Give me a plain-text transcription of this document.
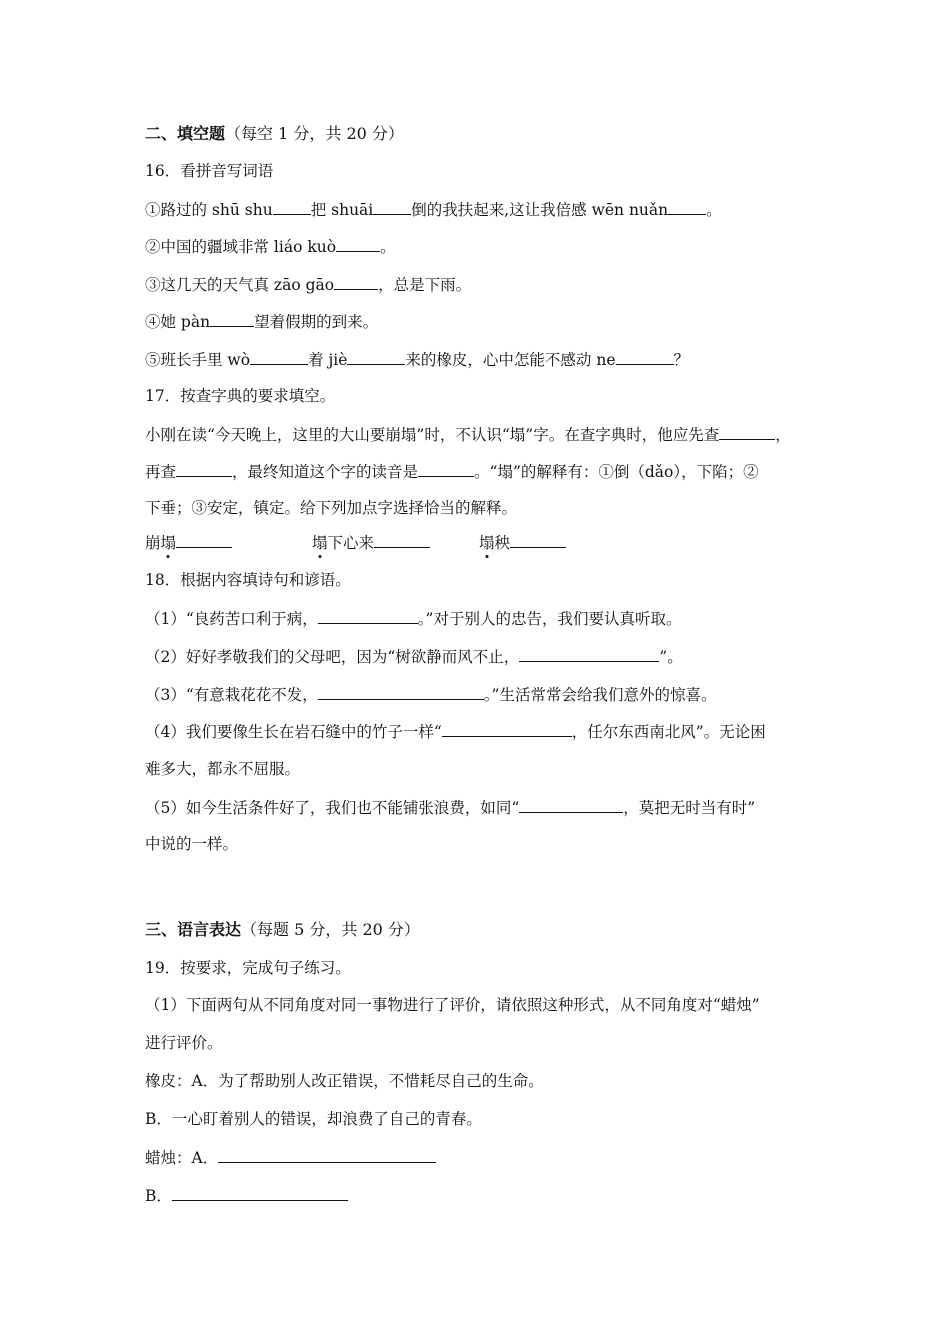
二、填空题（每空 1 分，共 20 分）
16．看拼音写词语
①路过的 shū shu 把 shuāi 倒的我扶起来,这让我倍感 wēn nuǎn 。
②中国的疆域非常 liáo kuò	。
③这几天的天气真 zāo gāo	，总是下雨。
④她 pàn	望着假期的到来。
⑤班长手里 wò	着 jiè	来的橡皮，心中怎能不感动 ne	？
17．按查字典的要求填空。
小刚在读“今天晚上，这里的大山要崩塌”时，不认识“塌”字。在查字典时，他应先查	，
再查	，最终知道这个字的读音是	。“塌”的解释有：①倒（dǎo），下陷；②
下垂；③安定，镇定。给下列加点字选择恰当的解释。
崩塌	塌下心来	塌秧
18．根据内容填诗句和谚语。
（1）“良药苦口利于病，	。”对于别人的忠告，我们要认真听取。
（2）好好孝敬我们的父母吧，因为“树欲静而风不止，	”。
（3）“有意栽花花不发，	。”生活常常会给我们意外的惊喜。
（4）我们要像生长在岩石缝中的竹子一样“	，任尔东西南北风”。无论困
难多大，都永不屈服。
（5）如今生活条件好了，我们也不能铺张浪费，如同“	，莫把无时当有时”
中说的一样。
三、语言表达（每题 5 分，共 20 分）
19．按要求，完成句子练习。
（1）下面两句从不同角度对同一事物进行了评价，请依照这种形式，从不同角度对“蜡烛”
进行评价。
橡皮：A．为了帮助别人改正错误，不惜耗尽自己的生命。
B．一心盯着别人的错误，却浪费了自己的青春。
蜡烛：A．
B．
